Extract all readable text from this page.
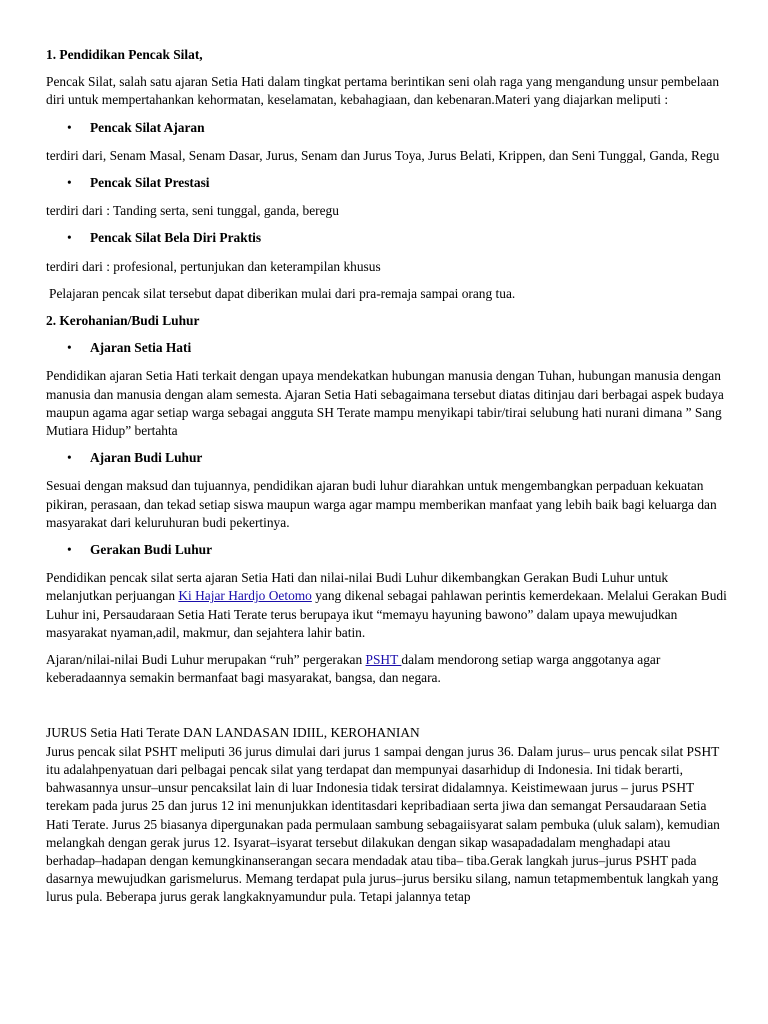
1. Pendidikan Pencak Silat,

Pencak Silat, salah satu ajaran Setia Hati dalam tingkat pertama berintikan seni olah raga yang mengandung unsur pembelaan diri untuk mempertahankan kehormatan, keselamatan, kebahagiaan, dan kebenaran.Materi yang diajarkan meliputi :

•	Pencak Silat Ajaran

terdiri dari, Senam Masal, Senam Dasar, Jurus, Senam dan Jurus Toya, Jurus Belati, Krippen, dan Seni Tunggal, Ganda, Regu

•	Pencak Silat Prestasi

terdiri dari : Tanding serta, seni tunggal, ganda, beregu

•	Pencak Silat Bela Diri Praktis

terdiri dari : profesional, pertunjukan dan keterampilan khusus

Pelajaran pencak silat tersebut dapat diberikan mulai dari pra-remaja sampai orang tua.

2. Kerohanian/Budi Luhur

•	Ajaran Setia Hati

Pendidikan ajaran Setia Hati terkait dengan upaya mendekatkan hubungan manusia dengan Tuhan, hubungan manusia dengan manusia dan manusia dengan alam semesta. Ajaran Setia Hati sebagaimana tersebut diatas ditinjau dari berbagai aspek budaya maupun agama agar setiap warga sebagai angguta SH Terate mampu menyikapi tabir/tirai selubung hati nurani dimana ” Sang Mutiara Hidup” bertahta

•	Ajaran Budi Luhur

Sesuai dengan maksud dan tujuannya, pendidikan ajaran budi luhur diarahkan untuk mengembangkan perpaduan kekuatan pikiran, perasaan, dan tekad setiap siswa maupun warga agar mampu memberikan manfaat yang lebih baik bagi keluarga dan masyarakat dari keluruhuran budi pekertinya.

•	Gerakan Budi Luhur

Pendidikan pencak silat serta ajaran Setia Hati dan nilai-nilai Budi Luhur dikembangkan Gerakan Budi Luhur untuk melanjutkan perjuangan Ki Hajar Hardjo Oetomo yang dikenal sebagai pahlawan perintis kemerdekaan. Melalui Gerakan Budi Luhur ini, Persaudaraan Setia Hati Terate terus berupaya ikut “memayu hayuning bawono” dalam upaya mewujudkan masyarakat nyaman,adil, makmur, dan sejahtera lahir batin.

Ajaran/nilai-nilai Budi Luhur merupakan “ruh” pergerakan PSHT dalam mendorong setiap warga anggotanya agar keberadaannya semakin bermanfaat bagi masyarakat, bangsa, dan negara.

JURUS Setia Hati Terate DAN LANDASAN IDIIL, KEROHANIAN

Jurus pencak silat PSHT meliputi 36 jurus dimulai dari jurus 1 sampai dengan jurus 36. Dalam jurus– urus pencak silat PSHT itu adalahpenyatuan dari pelbagai pencak silat yang terdapat dan mempunyai dasarhidup di Indonesia. Ini tidak berarti, bahwasannya unsur–unsur pencaksilat lain di luar Indonesia tidak tersirat didalamnya. Keistimewaan jurus – jurus PSHT terekam pada jurus 25 dan jurus 12 ini menunjukkan identitasdari kepribadiaan serta jiwa dan semangat Persaudaraan Setia Hati Terate. Jurus 25 biasanya dipergunakan pada permulaan sambung sebagaiisyarat salam pembuka (uluk salam), kemudian melangkah dengan gerak jurus 12. Isyarat–isyarat tersebut dilakukan dengan sikap wasapadadalam menghadapi atau berhadap–hadapan dengan kemungkinanserangan secara mendadak atau tiba– tiba.Gerak langkah jurus–jurus PSHT pada dasarnya mewujudkan garismelurus. Memang terdapat pula jurus–jurus bersiku silang, namun tetapmembentuk langkah yang lurus pula. Beberapa jurus gerak langkaknyamundur pula. Tetapi jalannya tetap
